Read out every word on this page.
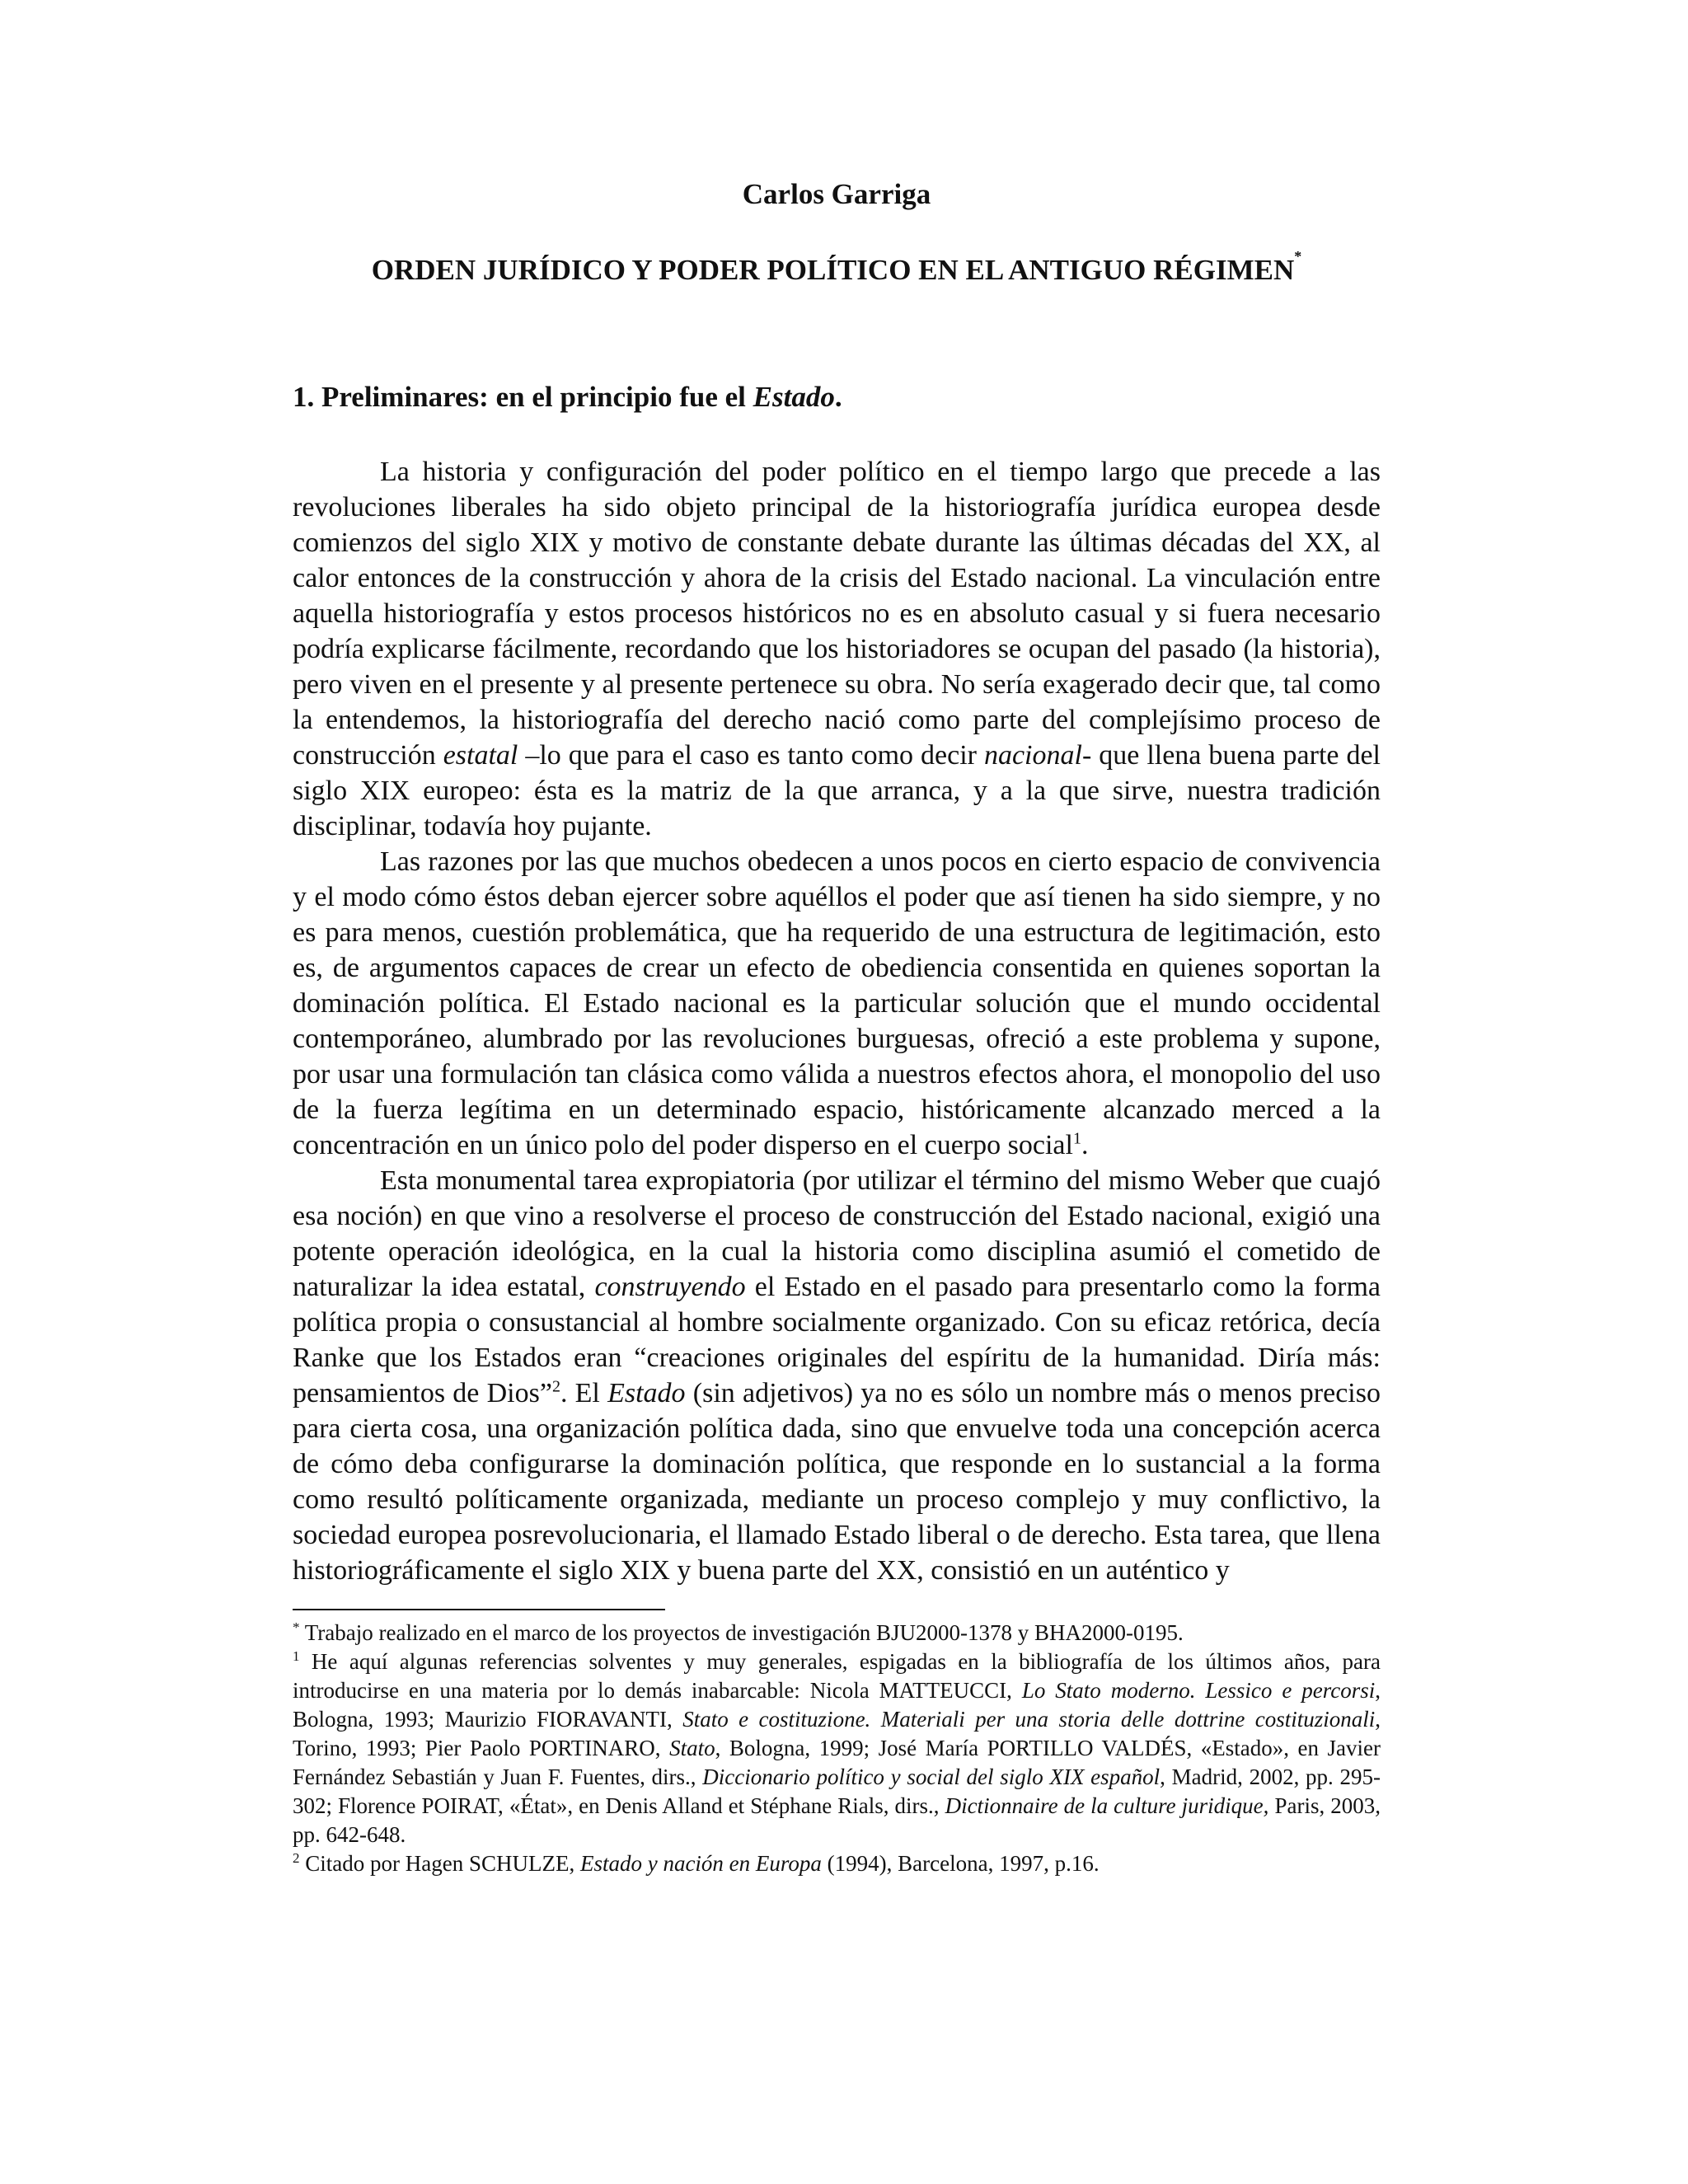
Carlos Garriga
ORDEN JURÍDICO Y PODER POLÍTICO EN EL ANTIGUO RÉGIMEN*
1. Preliminares: en el principio fue el Estado.

La historia y configuración del poder político en el tiempo largo que precede a las revoluciones liberales ha sido objeto principal de la historiografía jurídica europea desde comienzos del siglo XIX y motivo de constante debate durante las últimas décadas del XX, al calor entonces de la construcción y ahora de la crisis del Estado nacional. La vinculación entre aquella historiografía y estos procesos históricos no es en absoluto casual y si fuera necesario podría explicarse fácilmente, recordando que los historiadores se ocupan del pasado (la historia), pero viven en el presente y al presente pertenece su obra. No sería exagerado decir que, tal como la entendemos, la historiografía del derecho nació como parte del complejísimo proceso de construcción estatal –lo que para el caso es tanto como decir nacional- que llena buena parte del siglo XIX europeo: ésta es la matriz de la que arranca, y a la que sirve, nuestra tradición disciplinar, todavía hoy pujante.

Las razones por las que muchos obedecen a unos pocos en cierto espacio de convivencia y el modo cómo éstos deban ejercer sobre aquéllos el poder que así tienen ha sido siempre, y no es para menos, cuestión problemática, que ha requerido de una estructura de legitimación, esto es, de argumentos capaces de crear un efecto de obediencia consentida en quienes soportan la dominación política. El Estado nacional es la particular solución que el mundo occidental contemporáneo, alumbrado por las revoluciones burguesas, ofreció a este problema y supone, por usar una formulación tan clásica como válida a nuestros efectos ahora, el monopolio del uso de la fuerza legítima en un determinado espacio, históricamente alcanzado merced a la concentración en un único polo del poder disperso en el cuerpo social$^1$.

Esta monumental tarea expropiatoria (por utilizar el término del mismo Weber que cuajó esa noción) en que vino a resolverse el proceso de construcción del Estado nacional, exigió una potente operación ideológica, en la cual la historia como disciplina asumió el cometido de naturalizar la idea estatal, construyendo el Estado en el pasado para presentarlo como la forma política propia o consustancial al hombre socialmente organizado. Con su eficaz retórica, decía Ranke que los Estados eran “creaciones originales del espíritu de la humanidad. Diría más: pensamientos de Dios”$^2$. El Estado (sin adjetivos) ya no es sólo un nombre más o menos preciso para cierta cosa, una organización política dada, sino que envuelve toda una concepción acerca de cómo deba configurarse la dominación política, que responde en lo sustancial a la forma como resultó políticamente organizada, mediante un proceso complejo y muy conflictivo, la sociedad europea posrevolucionaria, el llamado Estado liberal o de derecho. Esta tarea, que llena historiográficamente el siglo XIX y buena parte del XX, consistió en un auténtico y

* Trabajo realizado en el marco de los proyectos de investigación BJU2000-1378 y BHA2000-0195.

$^1$ He aquí algunas referencias solventes y muy generales, espigadas en la bibliografía de los últimos años, para introducirse en una materia por lo demás inabarcable: Nicola MATTEUCCI, Lo Stato moderno. Lessico e percorsi, Bologna, 1993; Maurizio FIORAVANTI, Stato e costituzione. Materiali per una storia delle dottrine costituzionali, Torino, 1993; Pier Paolo PORTINARO, Stato, Bologna, 1999; José María PORTILLO VALDÉS, «Estado», en Javier Fernández Sebastián y Juan F. Fuentes, dirs., Diccionario político y social del siglo XIX español, Madrid, 2002, pp. 295-302; Florence POIRAT, «État», en Denis Alland et Stéphane Rials, dirs., Dictionnaire de la culture juridique, Paris, 2003, pp. 642-648.

$^2$ Citado por Hagen SCHULZE, Estado y nación en Europa (1994), Barcelona, 1997, p.16.
